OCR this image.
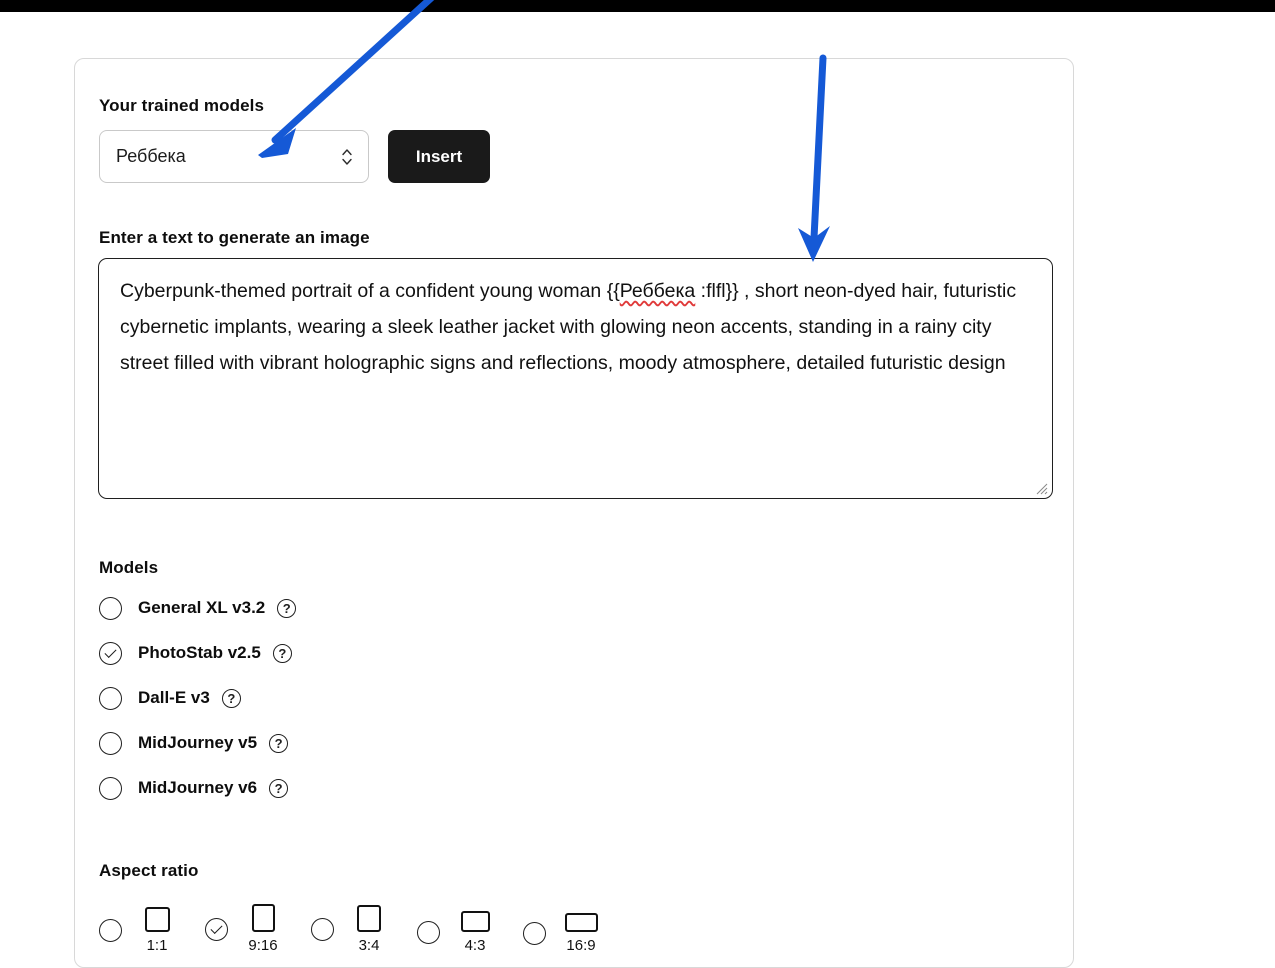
Your trained models
Реббека	Insert
Enter a text to generate an image
Cyberpunk-themed portrait of a confident young woman {{Реббека :flfl}} , short neon-dyed hair, futuristic cybernetic implants, wearing a sleek leather jacket with glowing neon accents, standing in a rainy city street filled with vibrant holographic signs and reflections, moody atmosphere, detailed futuristic design
Models
General XL v3.2	?
PhotoStab v2.5	?
Dall-E v3	?
MidJourney v5	?
MidJourney v6	?
Aspect ratio
1:1	9:16	3:4	4:3	16:9
